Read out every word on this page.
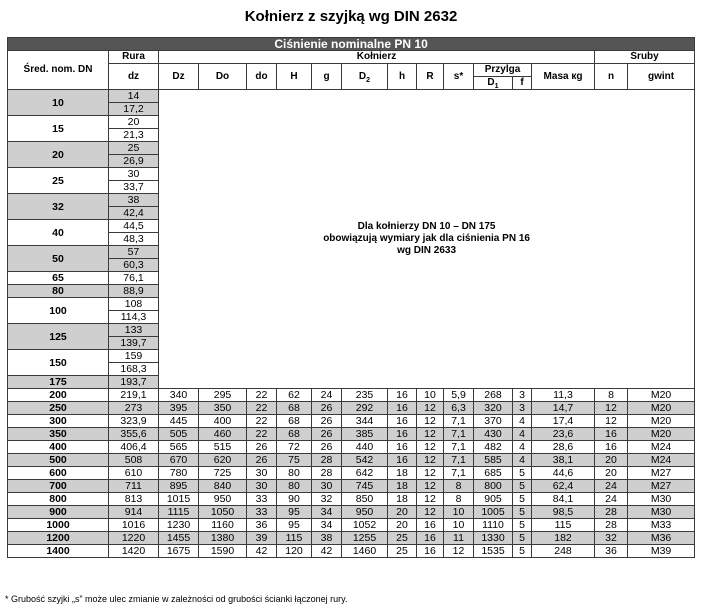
Kołnierz z szyjką wg DIN 2632
Ciśnienie nominalne PN 10															
Śred. nom. DN	Rura	Kołnierz												Śruby	
	dz	Dz	Do	do	H	g	$D_2$	h	R	s*	Przylga		Masa кg	n	gwint
											$D_1$	f			
10	14	Dla kołnierzy DN 10 – DN 175
obowiązują wymiary jak dla ciśnienia PN 16
wg DIN 2633													

	17,2														
15	20														
	21,3														
20	25														
	26,9														
25	30														
	33,7														
32	38														
	42,4														
40	44,5														
	48,3														
50	57														
	60,3														
65	76,1														
80	88,9														
100	108														
	114,3														
125	133														
	139,7														
150	159														
	168,3														
175	193,7														
200	219,1	340	295	22	62	24	235	16	10	5,9	268	3	11,3	8	M20
250	273	395	350	22	68	26	292	16	12	6,3	320	3	14,7	12	M20
300	323,9	445	400	22	68	26	344	16	12	7,1	370	4	17,4	12	M20
350	355,6	505	460	22	68	26	385	16	12	7,1	430	4	23,6	16	M20
400	406,4	565	515	26	72	26	440	16	12	7,1	482	4	28,6	16	M24
500	508	670	620	26	75	28	542	16	12	7,1	585	4	38,1	20	M24
600	610	780	725	30	80	28	642	18	12	7,1	685	5	44,6	20	M27
700	711	895	840	30	80	30	745	18	12	8	800	5	62,4	24	M27
800	813	1015	950	33	90	32	850	18	12	8	905	5	84,1	24	M30
900	914	1115	1050	33	95	34	950	20	12	10	1005	5	98,5	28	M30
1000	1016	1230	1160	36	95	34	1052	20	16	10	1110	5	115	28	M33
1200	1220	1455	1380	39	115	38	1255	25	16	11	1330	5	182	32	M36
1400	1420	1675	1590	42	120	42	1460	25	16	12	1535	5	248	36	M39
* Grubość szyjki „s” może ulec zmianie w zależności od grubości ścianki łączonej rury.
